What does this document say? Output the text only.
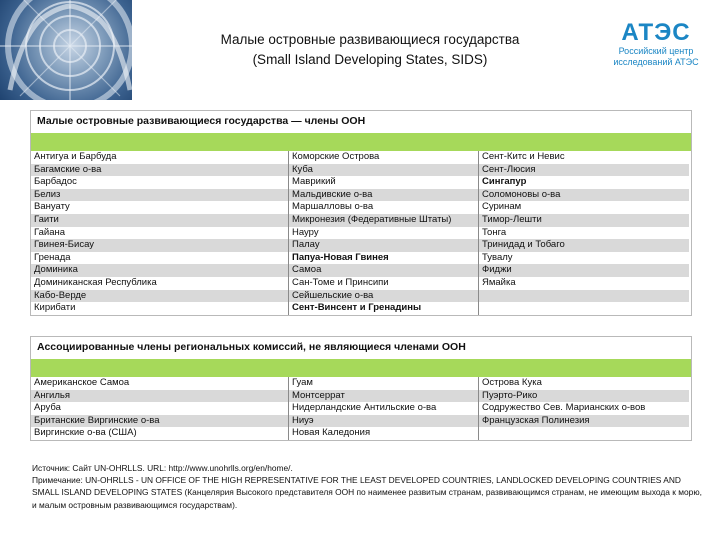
Малые островные развивающиеся государства
(Small Island Developing States, SIDS)
АТЭС
Российский центр
исследований АТЭС
Малые островные развивающиеся государства — члены ООН
Антигуа и Барбуда	Коморские Острова	Сент-Китс и Невис
Багамские о-ва	Куба	Сент-Люсия
Барбадос	Маврикий	Сингапур
Белиз	Мальдивские о-ва	Соломоновы о-ва
Вануату	Маршалловы о-ва	Суринам
Гаити	Микронезия (Федеративные Штаты)	Тимор-Лешти
Гайана	Науру	Тонга
Гвинея-Бисау	Палау	Тринидад и Тобаго
Гренада	Папуа-Новая Гвинея	Тувалу
Доминика	Самоа	Фиджи
Доминиканская Республика	Сан-Томе и Принсипи	Ямайка
Кабо-Верде	Сейшельские о-ва
Кирибати	Сент-Винсент и Гренадины
Ассоциированные члены региональных комиссий, не являющиеся членами ООН
Американское Самоа	Гуам	Острова Кука
Ангилья	Монтсеррат	Пуэрто-Рико
Аруба	Нидерландские Антильские о-ва	Содружество Сев. Марианских о-вов
Британские Виргинские о-ва	Ниуэ	Французская Полинезия
Виргинские о-ва (США)	Новая Каледония
Источник: Сайт UN-OHRLLS. URL: http://www.unohrlls.org/en/home/.
Примечание: UN-OHRLLS - UN OFFICE OF THE HIGH REPRESENTATIVE FOR THE LEAST DEVELOPED COUNTRIES, LANDLOCKED DEVELOPING COUNTRIES AND SMALL ISLAND DEVELOPING STATES (Канцелярия Высокого представителя ООН по наименее развитым странам, развивающимся странам, не имеющим выхода к морю, и малым островным развивающимся государствам).
